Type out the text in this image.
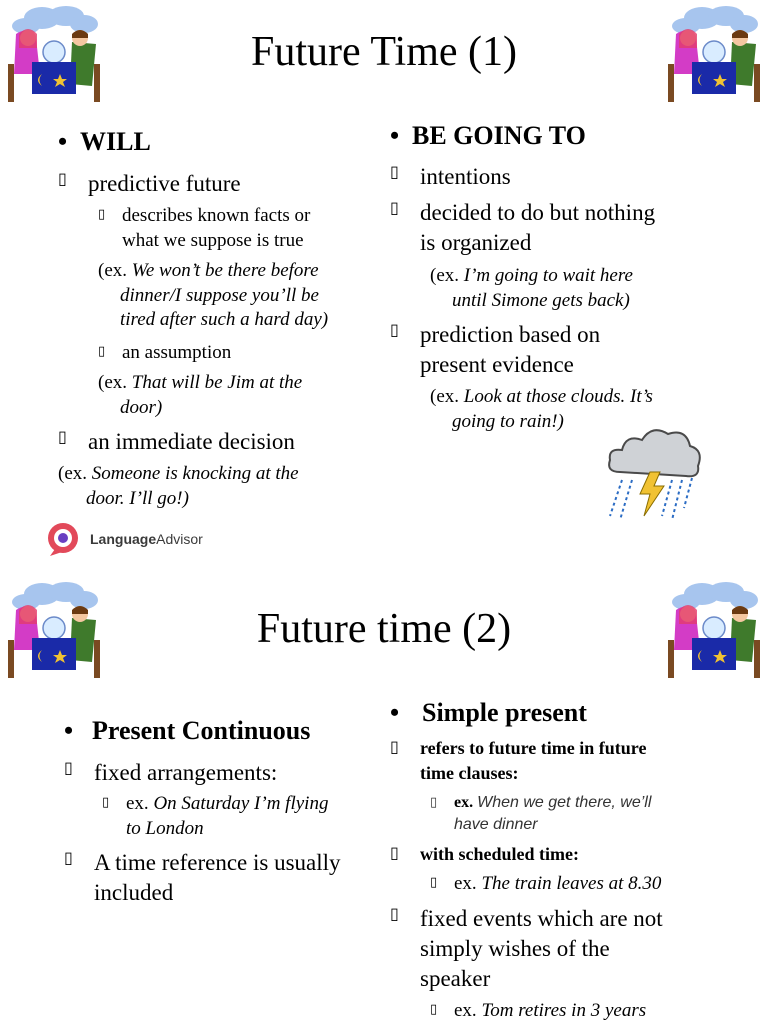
Future Time (1)
• WILL
▯ predictive future
▯ describes known facts or
what we suppose is true
(ex. We won’t be there before
dinner/I suppose you’ll be
tired after such a hard day)
▯ an assumption
(ex. That will be Jim at the
door)
▯ an immediate decision
(ex. Someone is knocking at the
door. I’ll go!)
LanguageAdvisor
• BE GOING TO
▯ intentions
▯ decided to do but nothing
is organized
(ex. I’m going to wait here
until Simone gets back)
▯ prediction based on
present evidence
(ex. Look at those clouds. It’s
going to rain!)
Future time (2)
• Present Continuous
▯ fixed arrangements:
▯ ex. On Saturday I’m flying
to London
▯ A time reference is usually
included
• Simple present
▯	refers to future time in future
time clauses:
▯	ex. When we get there, we’ll
have dinner
▯ with scheduled time:
▯ ex. The train leaves at 8.30
▯ fixed events which are not
simply wishes of the
speaker
▯ ex. Tom retires in 3 years
